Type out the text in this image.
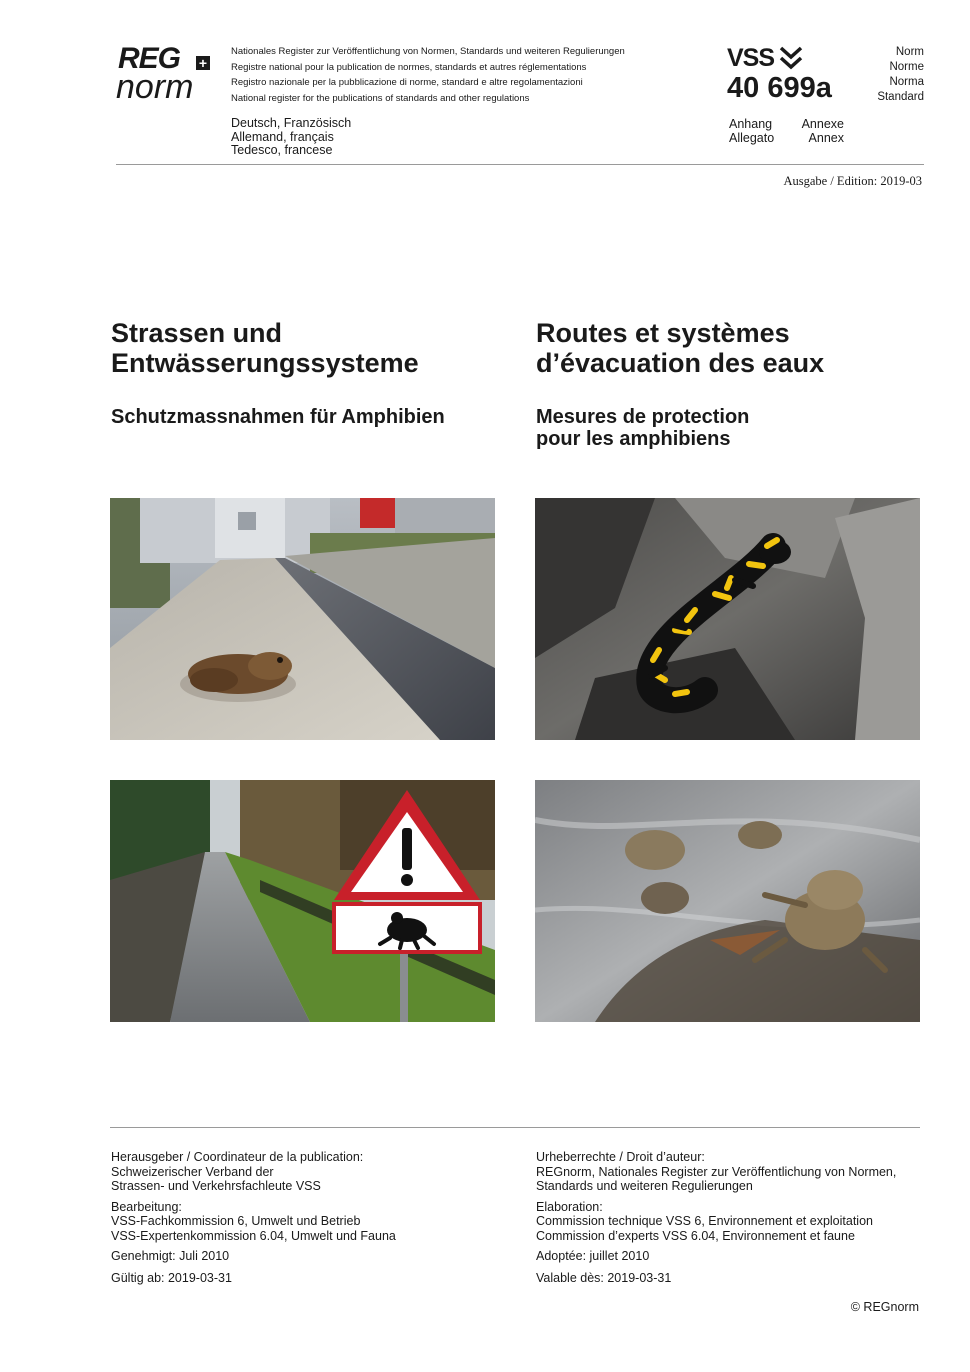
REG +
norm
Nationales Register zur Veröffentlichung von Normen, Standards und weiteren Regulierungen
Registre national pour la publication de normes, standards et autres réglementations
Registro nazionale per la pubblicazione di norme, standard e altre regolamentazioni
National register for the publications of standards and other regulations
Deutsch, Französisch
Allemand, français
Tedesco, francese
VSS
40 699a
Anhang
Allegato
Annexe
Annex
Norm
Norme
Norma
Standard
Ausgabe / Edition: 2019-03
Strassen und
Entwässerungssysteme
Routes et systèmes
d’évacuation des eaux
Schutzmassnahmen für Amphibien	Mesures de protection
pour les amphibiens

Herausgeber / Coordinateur de la publication:

Schweizerischer Verband der

Strassen- und Verkehrsfachleute VSS

Bearbeitung:

VSS-Fachkommission 6, Umwelt und Betrieb

VSS-Expertenkommission 6.04, Umwelt und Fauna

Genehmigt: Juli 2010

Gültig ab: 2019-03-31

Urheberrechte / Droit d’auteur:

REGnorm, Nationales Register zur Veröffentlichung von Normen,

Standards und weiteren Regulierungen

Elaboration:

Commission technique VSS 6, Environnement et exploitation

Commission d’experts VSS 6.04, Environnement et faune

Adoptée: juillet 2010

Valable dès: 2019-03-31

© REGnorm
